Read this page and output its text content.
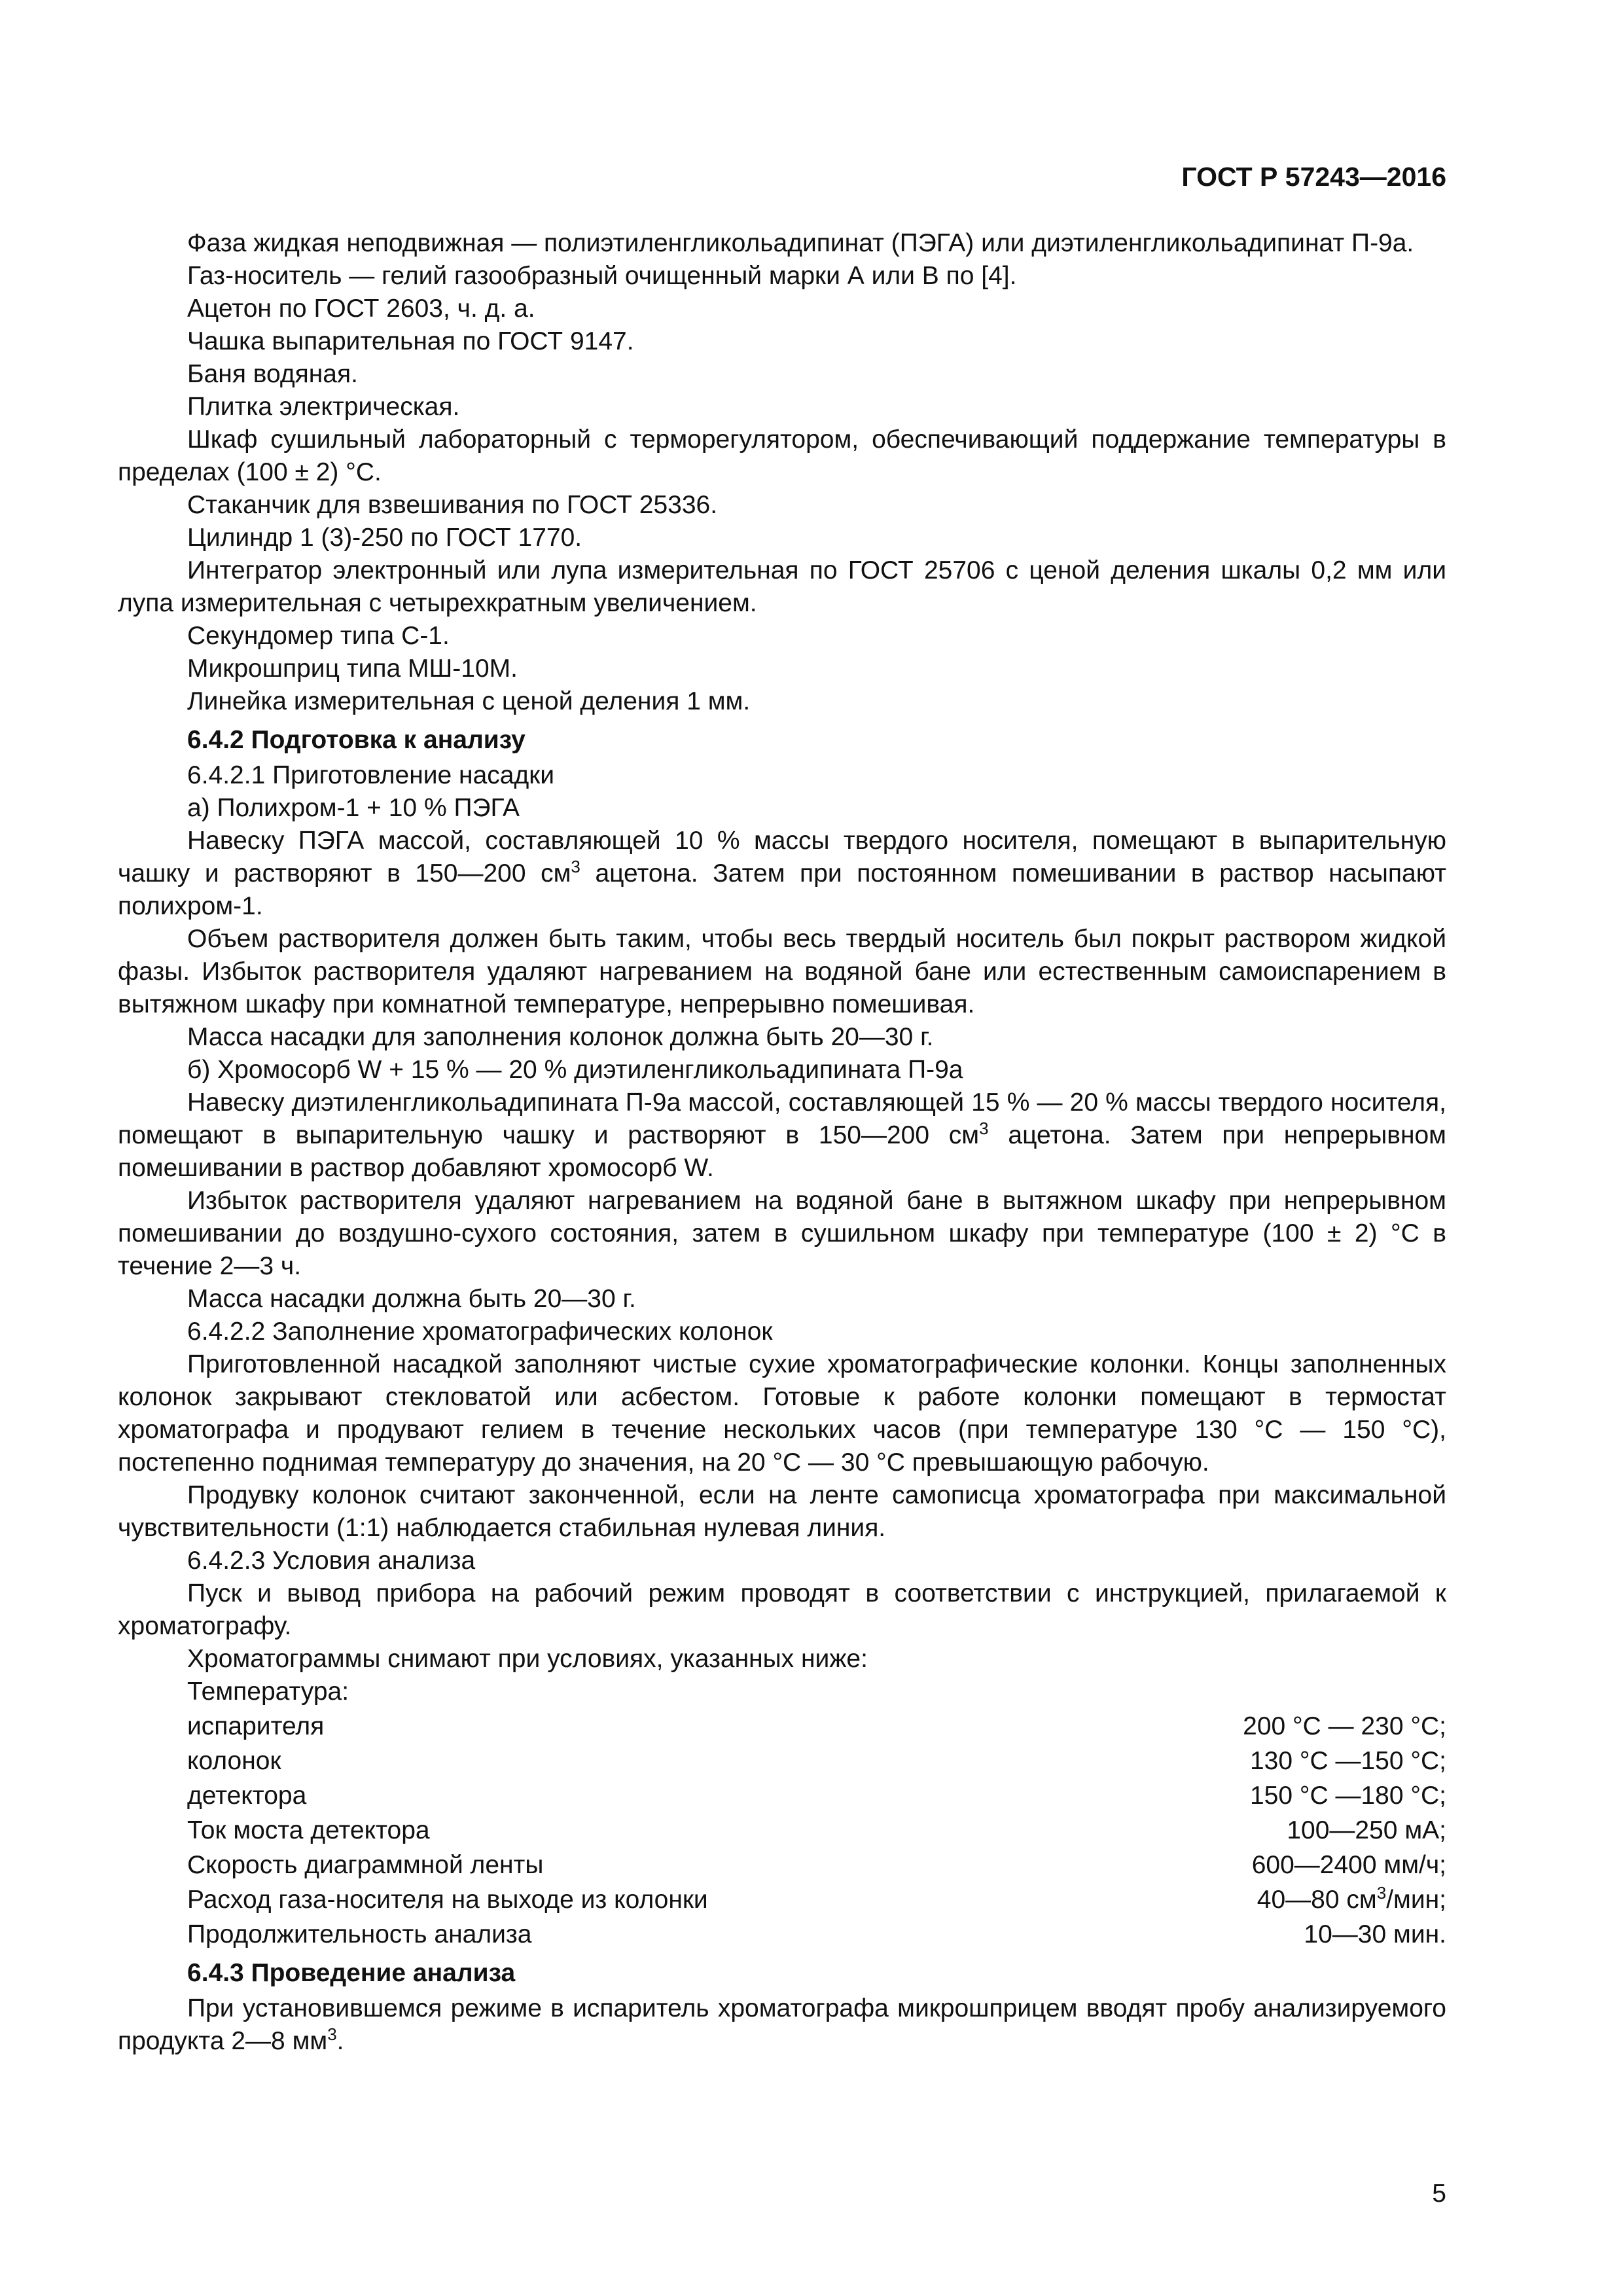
ГОСТ Р 57243—2016

Фаза жидкая неподвижная — полиэтиленгликольадипинат (ПЭГА) или диэтиленгликольадипинат П-9а.

Газ-носитель — гелий газообразный очищенный марки А или В по [4].

Ацетон по ГОСТ 2603, ч. д. а.

Чашка выпарительная по ГОСТ 9147.

Баня водяная.

Плитка электрическая.

Шкаф сушильный лабораторный с терморегулятором, обеспечивающий поддержание температуры в пределах (100 ± 2) °С.

Стаканчик для взвешивания по ГОСТ 25336.

Цилиндр 1 (3)-250 по ГОСТ 1770.

Интегратор электронный или лупа измерительная по ГОСТ 25706 с ценой деления шкалы 0,2 мм или лупа измерительная с четырехкратным увеличением.

Секундомер типа С-1.

Микрошприц типа МШ-10М.

Линейка измерительная с ценой деления 1 мм.

6.4.2 Подготовка к анализу

6.4.2.1 Приготовление насадки

а) Полихром-1 + 10 % ПЭГА

Навеску ПЭГА массой, составляющей 10 % массы твердого носителя, помещают в выпарительную чашку и растворяют в 150—200 $см^3$ ацетона. Затем при постоянном помешивании в раствор насыпают полихром-1.

Объем растворителя должен быть таким, чтобы весь твердый носитель был покрыт раствором жидкой фазы. Избыток растворителя удаляют нагреванием на водяной бане или естественным самоиспарением в вытяжном шкафу при комнатной температуре, непрерывно помешивая.

Масса насадки для заполнения колонок должна быть 20—30 г.

б) Хромосорб W + 15 % — 20 % диэтиленгликольадипината П-9а

Навеску диэтиленгликольадипината П-9а массой, составляющей 15 % — 20 % массы твердого носителя, помещают в выпарительную чашку и растворяют в 150—200 $см^3$ ацетона. Затем при непрерывном помешивании в раствор добавляют хромосорб W.

Избыток растворителя удаляют нагреванием на водяной бане в вытяжном шкафу при непрерывном помешивании до воздушно-сухого состояния, затем в сушильном шкафу при температуре (100 ± 2) °С в течение 2—3 ч.

Масса насадки должна быть 20—30 г.

6.4.2.2 Заполнение хроматографических колонок

Приготовленной насадкой заполняют чистые сухие хроматографические колонки. Концы заполненных колонок закрывают стекловатой или асбестом. Готовые к работе колонки помещают в термостат хроматографа и продувают гелием в течение нескольких часов (при температуре 130 °С — 150 °С), постепенно поднимая температуру до значения, на 20 °С — 30 °С превышающую рабочую.

Продувку колонок считают законченной, если на ленте самописца хроматографа при максимальной чувствительности (1:1) наблюдается стабильная нулевая линия.

6.4.2.3 Условия анализа

Пуск и вывод прибора на рабочий режим проводят в соответствии с инструкцией, прилагаемой к хроматографу.

Хроматограммы снимают при условиях, указанных ниже:

Температура:

испарителя	200 °С — 230 °С;
колонок	130 °С —150 °С;
детектора	150 °С —180 °С;
Ток моста детектора	100—250 мА;
Скорость диаграммной ленты	600—2400 мм/ч;
Расход газа-носителя на выходе из колонки	40—80 $см^3$/мин;
Продолжительность анализа	10—30 мин.
6.4.3 Проведение анализа

При установившемся режиме в испаритель хроматографа микрошприцем вводят пробу анализируемого продукта 2—8 $мм^3$.

5
